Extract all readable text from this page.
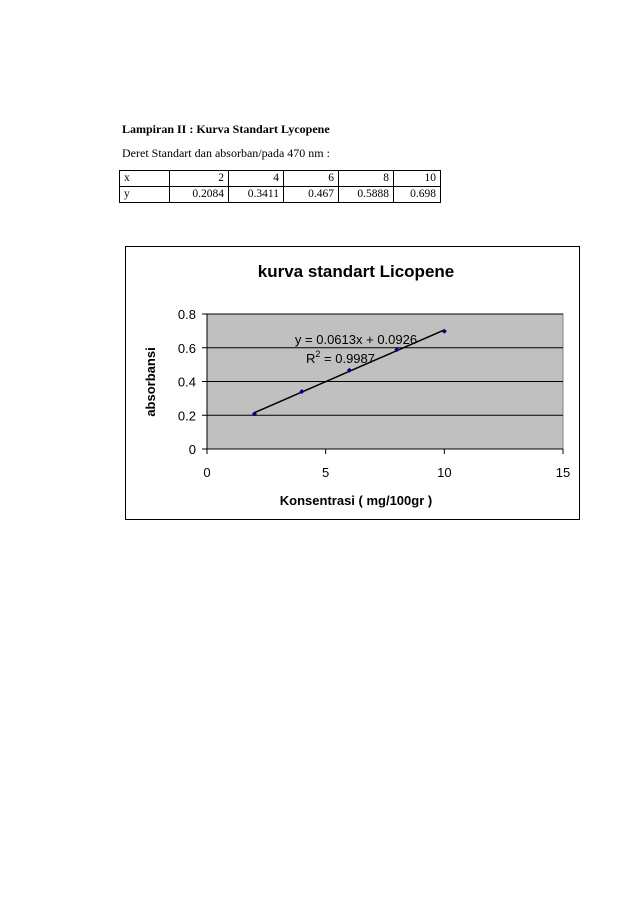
Lampiran II : Kurva Standart Lycopene
Deret Standart dan absorban/pada 470 nm :
x	2	4	6	8	10
y	0.2084	0.3411	0.467	0.5888	0.698
kurva standart Licopene
0
0.2
0.4
0.6
0.8
0	5	10	15
y = 0.0613x + 0.0926
$R^2 = 0.9987$
Konsentrasi ( mg/100gr )
absorbansi
